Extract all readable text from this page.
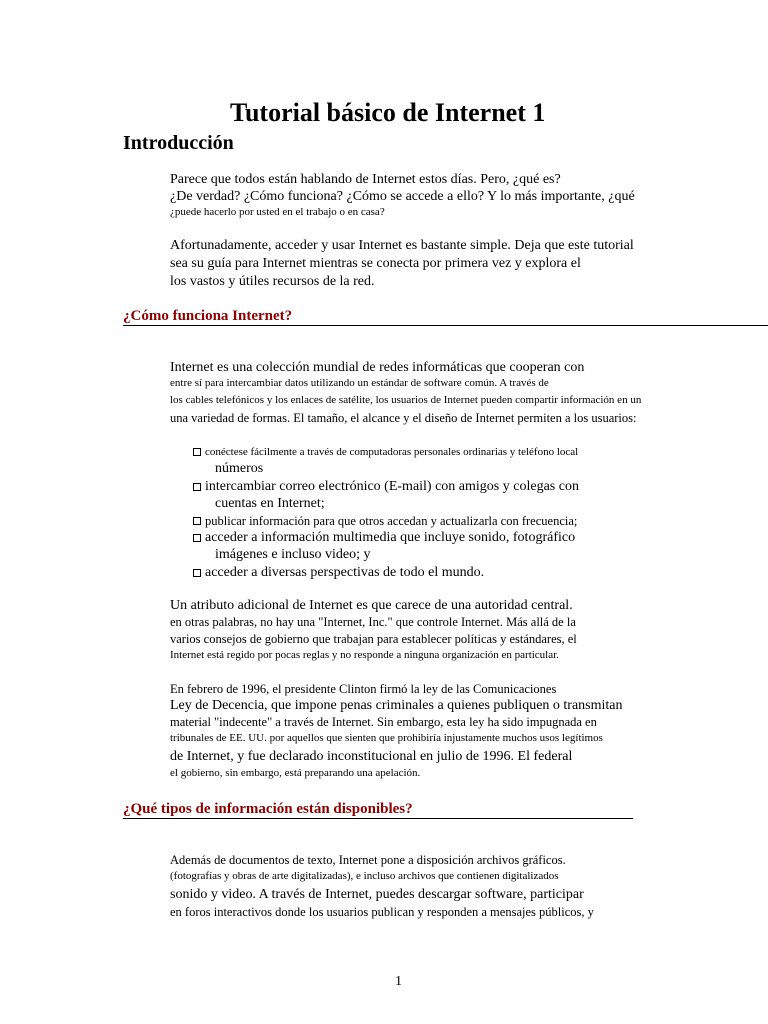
Tutorial básico de Internet 1
Introducción
Parece que todos están hablando de Internet estos días. Pero, ¿qué es?
¿De verdad? ¿Cómo funciona? ¿Cómo se accede a ello? Y lo más importante, ¿qué
¿puede hacerlo por usted en el trabajo o en casa?
Afortunadamente, acceder y usar Internet es bastante simple. Deja que este tutorial
sea su guía para Internet mientras se conecta por primera vez y explora el
los vastos y útiles recursos de la red.
¿Cómo funciona Internet?
Internet es una colección mundial de redes informáticas que cooperan con
entre sí para intercambiar datos utilizando un estándar de software común. A través de
los cables telefónicos y los enlaces de satélite, los usuarios de Internet pueden compartir información en un
una variedad de formas. El tamaño, el alcance y el diseño de Internet permiten a los usuarios:
conéctese fácilmente a través de computadoras personales ordinarias y teléfono local
números
intercambiar correo electrónico (E-mail) con amigos y colegas con
cuentas en Internet;
publicar información para que otros accedan y actualizarla con frecuencia;
acceder a información multimedia que incluye sonido, fotográfico
imágenes e incluso video; y
acceder a diversas perspectivas de todo el mundo.
Un atributo adicional de Internet es que carece de una autoridad central.
en otras palabras, no hay una "Internet, Inc." que controle Internet. Más allá de la
varios consejos de gobierno que trabajan para establecer políticas y estándares, el
Internet está regido por pocas reglas y no responde a ninguna organización en particular.
En febrero de 1996, el presidente Clinton firmó la ley de las Comunicaciones
Ley de Decencia, que impone penas criminales a quienes publiquen o transmitan
material "indecente" a través de Internet. Sin embargo, esta ley ha sido impugnada en
tribunales de EE. UU. por aquellos que sienten que prohibiría injustamente muchos usos legítimos
de Internet, y fue declarado inconstitucional en julio de 1996. El federal
el gobierno, sin embargo, está preparando una apelación.
¿Qué tipos de información están disponibles?
Además de documentos de texto, Internet pone a disposición archivos gráficos.
(fotografías y obras de arte digitalizadas), e incluso archivos que contienen digitalizados
sonido y video. A través de Internet, puedes descargar software, participar
en foros interactivos donde los usuarios publican y responden a mensajes públicos, y
1
